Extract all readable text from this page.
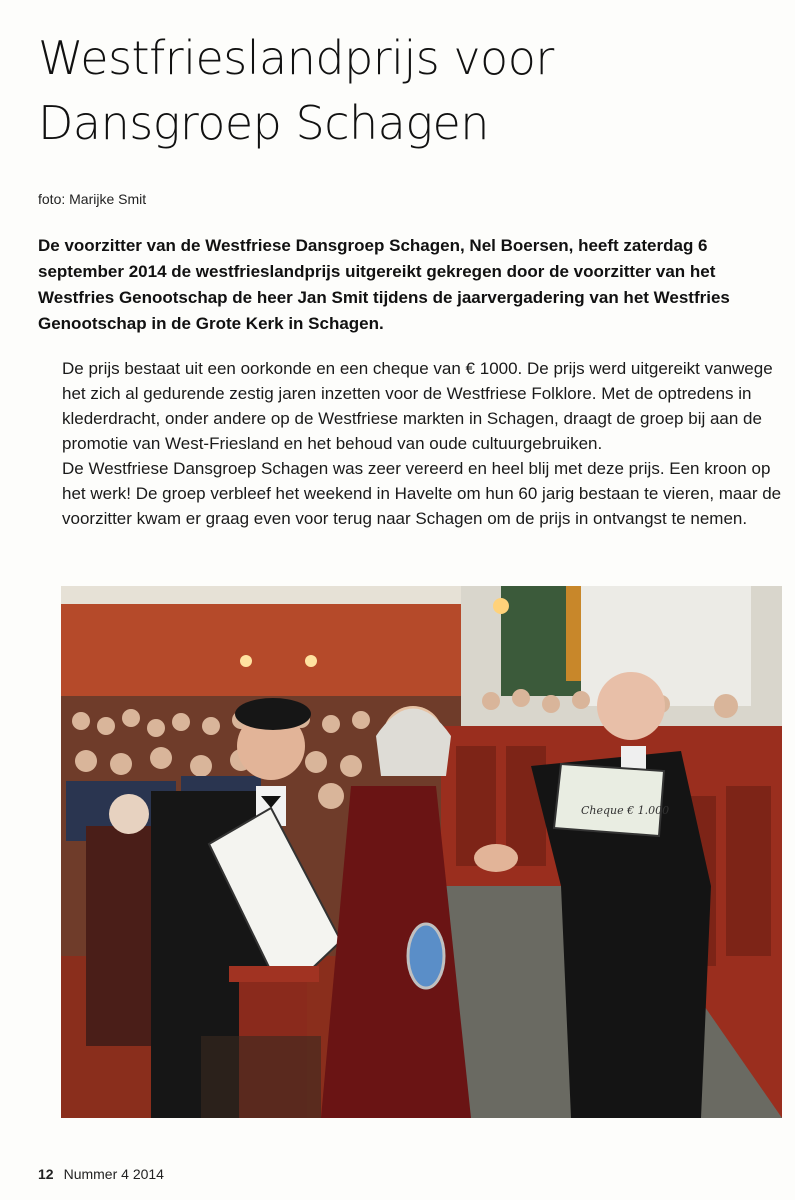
Westfrieslandprijs voor Dansgroep Schagen
foto: Marijke Smit

De voorzitter van de Westfriese Dansgroep Schagen, Nel Boersen, heeft zaterdag 6 september 2014 de westfrieslandprijs uitgereikt gekregen door de voorzitter van het Westfries Genootschap de heer Jan Smit tijdens de jaarvergadering van het Westfries Genootschap in de Grote Kerk in Schagen.

De prijs bestaat uit een oorkonde en een cheque van € 1000. De prijs werd uitgereikt vanwege het zich al gedurende zestig jaren inzetten voor de Westfriese Folklore. Met de optredens in klederdracht, onder andere op de Westfriese markten in Schagen, draagt de groep bij aan de promotie van West-Friesland en het behoud van oude cultuurgebruiken.

De Westfriese Dansgroep Schagen was zeer vereerd en heel blij met deze prijs. Een kroon op het werk! De groep verbleef het weekend in Havelte om hun 60 jarig bestaan te vieren, maar de voorzitter kwam er graag even voor terug naar Schagen om de prijs in ontvangst te nemen.

Cheque € 1.000
12 Nummer 4 2014
